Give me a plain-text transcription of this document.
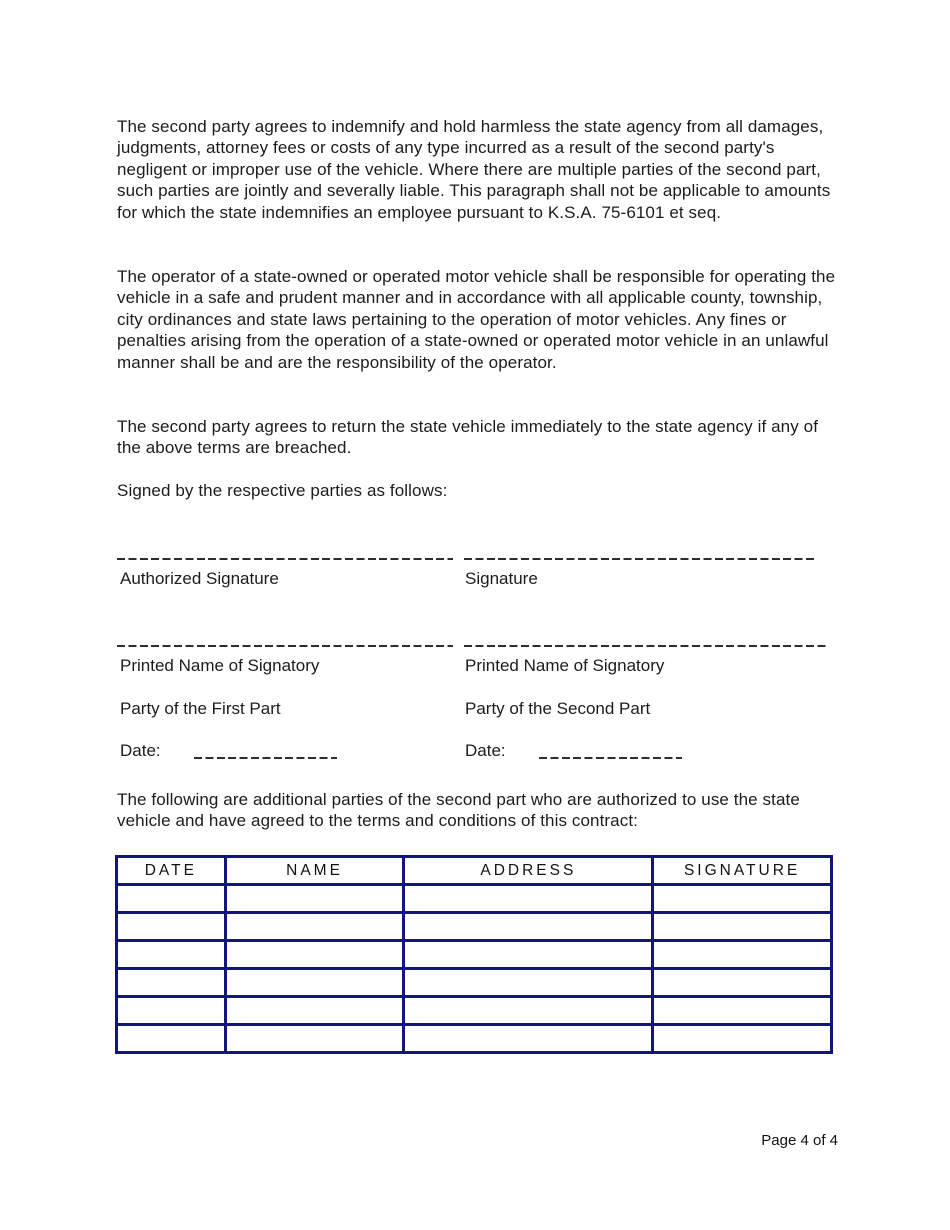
The second party agrees to indemnify and hold harmless the state agency from all damages, judgments, attorney fees or costs of any type incurred as a result of the second party's negligent or improper use of the vehicle. Where there are multiple parties of the second part, such parties are jointly and severally liable. This paragraph shall not be applicable to amounts for which the state indemnifies an employee pursuant to K.S.A. 75-6101 et seq.

The operator of a state-owned or operated motor vehicle shall be responsible for operating the vehicle in a safe and prudent manner and in accordance with all applicable county, township, city ordinances and state laws pertaining to the operation of motor vehicles. Any fines or penalties arising from the operation of a state-owned or operated motor vehicle in an unlawful manner shall be and are the responsibility of the operator.

The second party agrees to return the state vehicle immediately to the state agency if any of the above terms are breached.

Signed by the respective parties as follows:

Authorized Signature	Signature
Printed Name of Signatory	Printed Name of Signatory
Party of the First Part	Party of the Second Part
Date:	Date:

The following are additional parties of the second part who are authorized to use the state vehicle and have agreed to the terms and conditions of this contract:

DATE	NAME	ADDRESS	SIGNATURE

Page 4 of 4
